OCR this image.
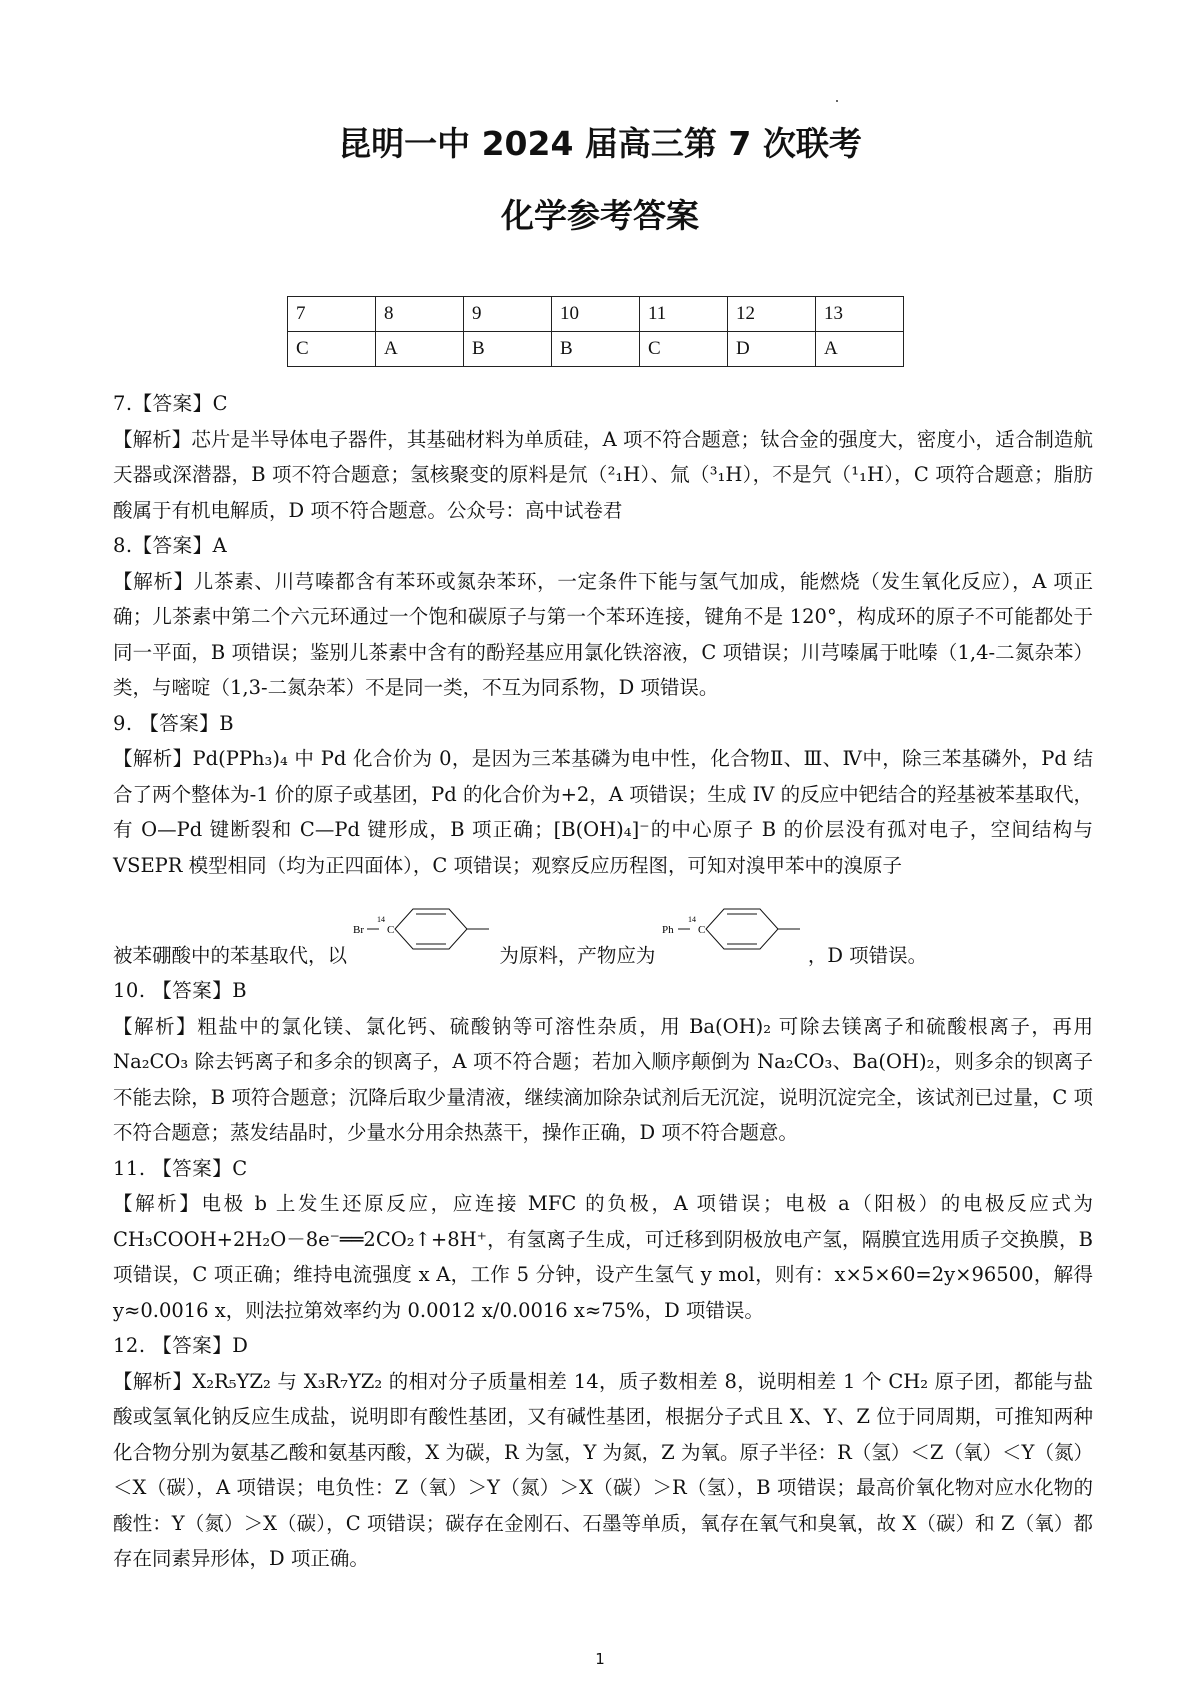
昆明一中 2024 届高三第 7 次联考
化学参考答案
7	8	9	10	11	12	13
C	A	B	B	C	D	A

7.【答案】C

【解析】芯片是半导体电子器件，其基础材料为单质硅，A 项不符合题意；钛合金的强度大，密度小，适合制造航天器或深潜器，B 项不符合题意；氢核聚变的原料是氘（²₁H）、氚（³₁H），不是氕（¹₁H），C 项符合题意；脂肪酸属于有机电解质，D 项不符合题意。公众号：高中试卷君

8.【答案】A

【解析】儿茶素、川芎嗪都含有苯环或氮杂苯环，一定条件下能与氢气加成，能燃烧（发生氧化反应），A 项正确；儿茶素中第二个六元环通过一个饱和碳原子与第一个苯环连接，键角不是 120°，构成环的原子不可能都处于同一平面，B 项错误；鉴别儿茶素中含有的酚羟基应用氯化铁溶液，C 项错误；川芎嗪属于吡嗪（1,4-二氮杂苯）类，与嘧啶（1,3-二氮杂苯）不是同一类，不互为同系物，D 项错误。

9. 【答案】B

【解析】Pd(PPh₃)₄ 中 Pd 化合价为 0，是因为三苯基磷为电中性，化合物Ⅱ、Ⅲ、Ⅳ中，除三苯基磷外，Pd 结合了两个整体为-1 价的原子或基团，Pd 的化合价为+2，A 项错误；生成 IV 的反应中钯结合的羟基被苯基取代，有 O—Pd 键断裂和 C—Pd 键形成，B 项正确；[B(OH)₄]⁻的中心原子 B 的价层没有孤对电子，空间结构与 VSEPR 模型相同（均为正四面体），C 项错误；观察反应历程图，可知对溴甲苯中的溴原子

被苯硼酸中的苯基取代，以
Br
14
C
为原料，产物应为
Ph
14
C
，D 项错误。

10. 【答案】B

【解析】粗盐中的氯化镁、氯化钙、硫酸钠等可溶性杂质，用 Ba(OH)₂ 可除去镁离子和硫酸根离子，再用 Na₂CO₃ 除去钙离子和多余的钡离子，A 项不符合题；若加入顺序颠倒为 Na₂CO₃、Ba(OH)₂，则多余的钡离子不能去除，B 项符合题意；沉降后取少量清液，继续滴加除杂试剂后无沉淀，说明沉淀完全，该试剂已过量，C 项不符合题意；蒸发结晶时，少量水分用余热蒸干，操作正确，D 项不符合题意。

11. 【答案】C

【解析】电极 b 上发生还原反应，应连接 MFC 的负极，A 项错误；电极 a（阳极）的电极反应式为 CH₃COOH+2H₂O－8e⁻══2CO₂↑+8H⁺，有氢离子生成，可迁移到阴极放电产氢，隔膜宜选用质子交换膜，B 项错误，C 项正确；维持电流强度 x A，工作 5 分钟，设产生氢气 y mol，则有：x×5×60=2y×96500，解得 y≈0.0016 x，则法拉第效率约为 0.0012 x/0.0016 x≈75%，D 项错误。

12. 【答案】D

【解析】X₂R₅YZ₂ 与 X₃R₇YZ₂ 的相对分子质量相差 14，质子数相差 8，说明相差 1 个 CH₂ 原子团，都能与盐酸或氢氧化钠反应生成盐，说明即有酸性基团，又有碱性基团，根据分子式且 X、Y、Z 位于同周期，可推知两种化合物分别为氨基乙酸和氨基丙酸，X 为碳，R 为氢，Y 为氮，Z 为氧。原子半径：R（氢）＜Z（氧）＜Y（氮）＜X（碳），A 项错误；电负性：Z（氧）＞Y（氮）＞X（碳）＞R（氢），B 项错误；最高价氧化物对应水化物的酸性：Y（氮）＞X（碳），C 项错误；碳存在金刚石、石墨等单质，氧存在氧气和臭氧，故 X（碳）和 Z（氧）都存在同素异形体，D 项正确。

1
